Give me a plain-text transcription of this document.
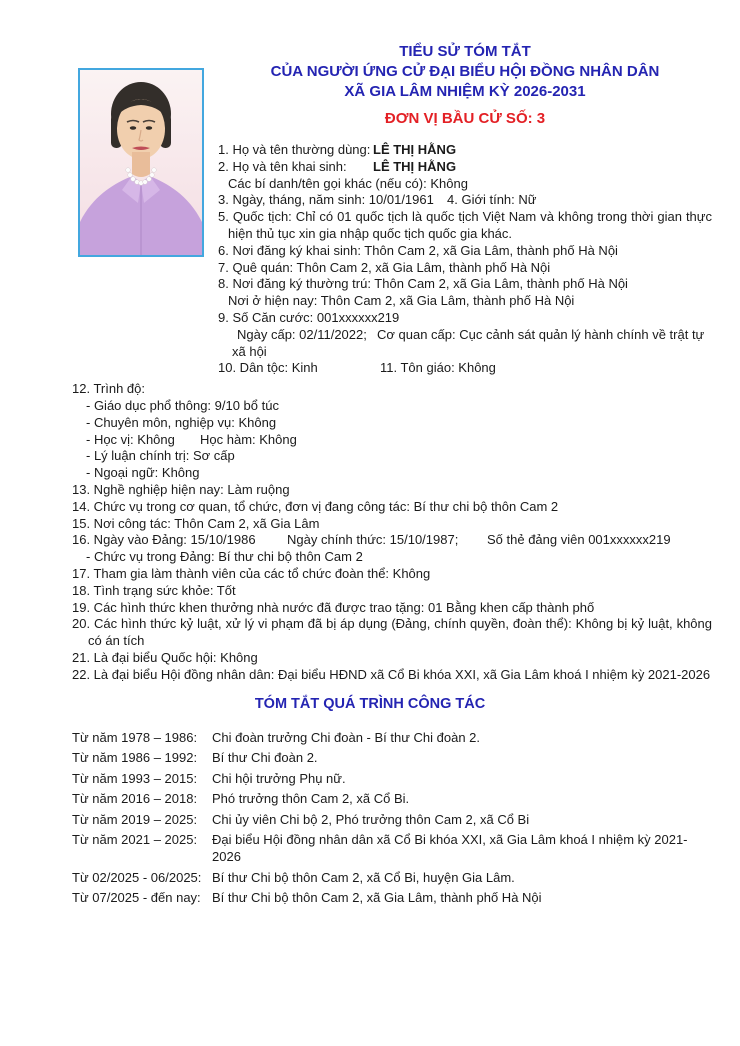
TIỂU SỬ TÓM TẮT
CỦA NGƯỜI ỨNG CỬ ĐẠI BIỂU HỘI ĐỒNG NHÂN DÂN
XÃ GIA LÂM NHIỆM KỲ 2026-2031
ĐƠN VỊ BẦU CỬ SỐ: 3

1. Họ và tên thường dùng: LÊ THỊ HẰNG

2. Họ và tên khai sinh: LÊ THỊ HẰNG

Các bí danh/tên gọi khác (nếu có): Không

3. Ngày, tháng, năm sinh: 10/01/1961 4. Giới tính: Nữ

5. Quốc tịch: Chỉ có 01 quốc tịch là quốc tịch Việt Nam và không trong thời gian thực hiện thủ tục xin gia nhập quốc tịch quốc gia khác.

6. Nơi đăng ký khai sinh: Thôn Cam 2, xã Gia Lâm, thành phố Hà Nội

7. Quê quán: Thôn Cam 2, xã Gia Lâm, thành phố Hà Nội

8. Nơi đăng ký thường trú: Thôn Cam 2, xã Gia Lâm, thành phố Hà Nội

Nơi ở hiện nay: Thôn Cam 2, xã Gia Lâm, thành phố Hà Nội

9. Số Căn cước: 001xxxxxx219

Ngày cấp: 02/11/2022; Cơ quan cấp: Cục cảnh sát quản lý hành chính về trật tự

xã hội

10. Dân tộc: Kinh	11. Tôn giáo: Không

12. Trình độ:

- Giáo dục phổ thông: 9/10 bổ túc

- Chuyên môn, nghiệp vụ: Không

- Học vị: Không Học hàm: Không

- Lý luận chính trị: Sơ cấp

- Ngoại ngữ: Không

13. Nghề nghiệp hiện nay: Làm ruộng

14. Chức vụ trong cơ quan, tổ chức, đơn vị đang công tác: Bí thư chi bộ thôn Cam 2

15. Nơi công tác: Thôn Cam 2, xã Gia Lâm

16. Ngày vào Đảng: 15/10/1986 Ngày chính thức: 15/10/1987; Số thẻ đảng viên 001xxxxxx219

- Chức vụ trong Đảng: Bí thư chi bộ thôn Cam 2

17. Tham gia làm thành viên của các tổ chức đoàn thể: Không

18. Tình trạng sức khỏe: Tốt

19. Các hình thức khen thưởng nhà nước đã được trao tặng: 01 Bằng khen cấp thành phố

20. Các hình thức kỷ luật, xử lý vi phạm đã bị áp dụng (Đảng, chính quyền, đoàn thể): Không bị kỷ luật, không có án tích

21. Là đại biểu Quốc hội: Không

22. Là đại biểu Hội đồng nhân dân: Đại biểu HĐND xã Cổ Bi khóa XXI, xã Gia Lâm khoá I nhiệm kỳ 2021-2026

TÓM TẮT QUÁ TRÌNH CÔNG TÁC
Từ năm 1978 – 1986:	Chi đoàn trưởng Chi đoàn - Bí thư Chi đoàn 2.
Từ năm 1986 – 1992:	Bí thư Chi đoàn 2.
Từ năm 1993 – 2015:	Chi hội trưởng Phụ nữ.
Từ năm 2016 – 2018:	Phó trưởng thôn Cam 2, xã Cổ Bi.
Từ năm 2019 – 2025:	Chi ủy viên Chi bộ 2, Phó trưởng thôn Cam 2, xã Cổ Bi
Từ năm 2021 – 2025:	Đại biểu Hội đồng nhân dân xã Cổ Bi khóa XXI, xã Gia Lâm khoá I nhiệm kỳ 2021-2026
Từ 02/2025 - 06/2025: Bí thư Chi bộ thôn Cam 2, xã Cổ Bi, huyện Gia Lâm.
Từ 07/2025 - đến nay: Bí thư Chi bộ thôn Cam 2, xã Gia Lâm, thành phố Hà Nội
